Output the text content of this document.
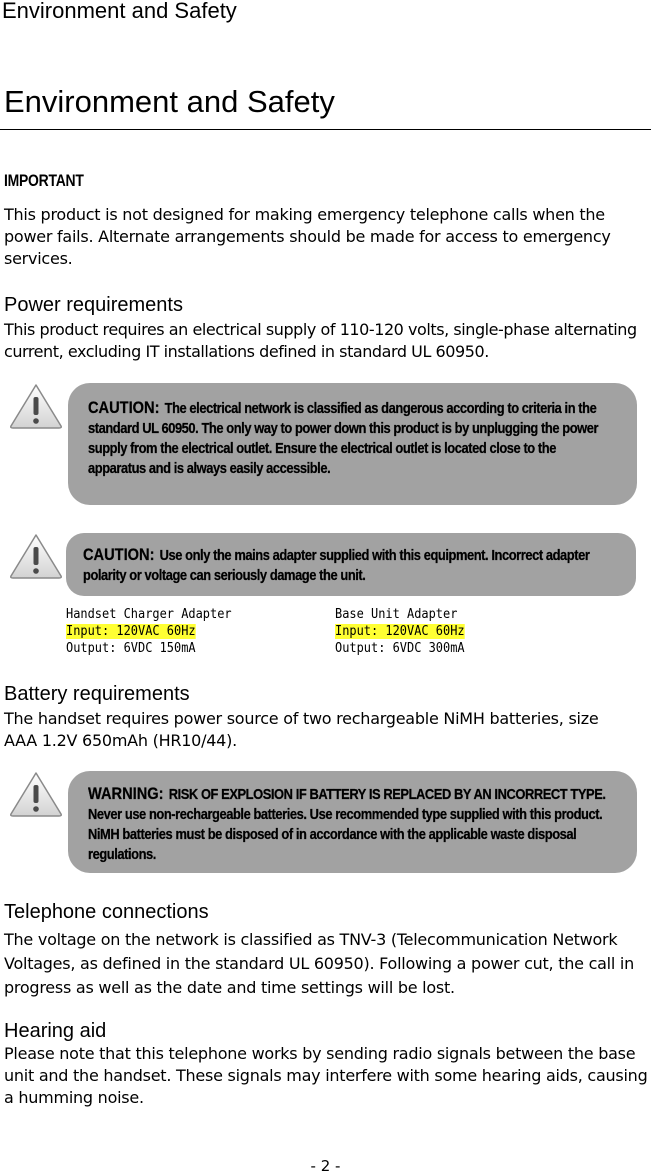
Environment and Safety
Environment and Safety
IMPORTANT
This product is not designed for making emergency telephone calls when the power fails. Alternate arrangements should be made for access to emergency services.
Power requirements
This product requires an electrical supply of 110-120 volts, single-phase alternating current, excluding IT installations defined in standard UL 60950.
CAUTION: The electrical network is classified as dangerous according to criteria in the standard UL 60950. The only way to power down this product is by unplugging the power supply from the electrical outlet. Ensure the electrical outlet is located close to the apparatus and is always easily accessible.
CAUTION: Use only the mains adapter supplied with this equipment. Incorrect adapter polarity or voltage can seriously damage the unit.
Handset Charger Adapter
Input: 120VAC 60Hz
Output: 6VDC 150mA
Base Unit Adapter
Input: 120VAC 60Hz
Output: 6VDC 300mA
Battery requirements
The handset requires power source of two rechargeable NiMH batteries, size AAA 1.2V 650mAh (HR10/44).
WARNING: RISK OF EXPLOSION IF BATTERY IS REPLACED BY AN INCORRECT TYPE. Never use non-rechargeable batteries. Use recommended type supplied with this product. NiMH batteries must be disposed of in accordance with the applicable waste disposal regulations.
Telephone connections
The voltage on the network is classified as TNV-3 (Telecommunication Network Voltages, as defined in the standard UL 60950). Following a power cut, the call in progress as well as the date and time settings will be lost.
Hearing aid
Please note that this telephone works by sending radio signals between the base unit and the handset. These signals may interfere with some hearing aids, causing a humming noise.
- 2 -
